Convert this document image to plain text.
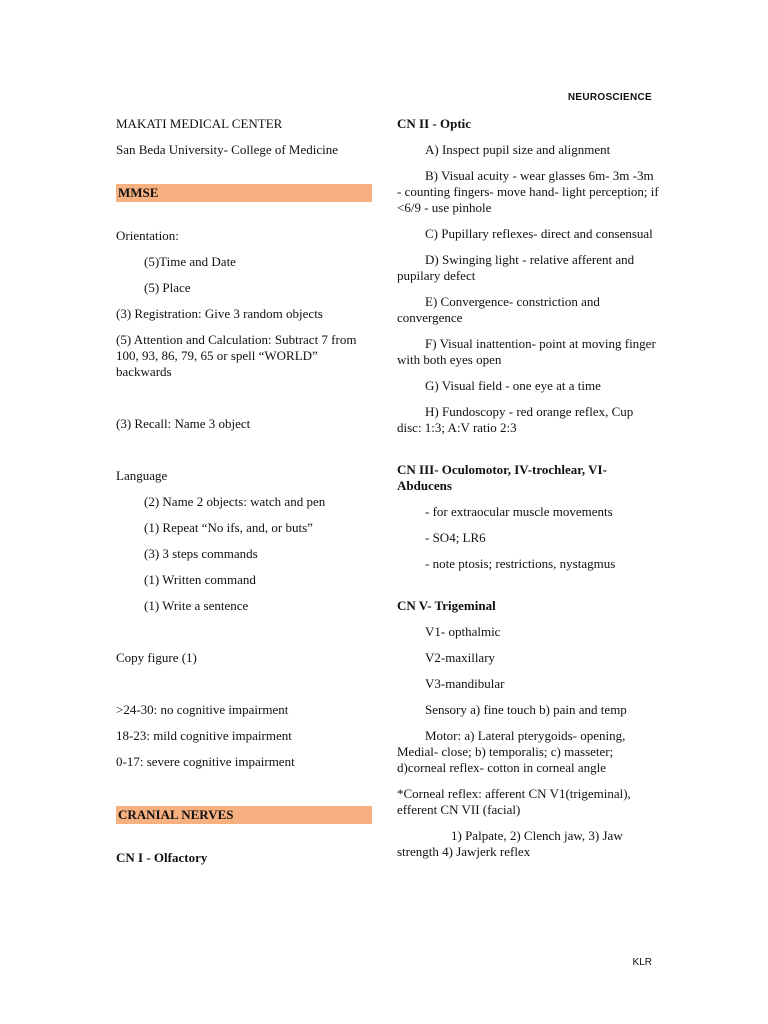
NEUROSCIENCE

MAKATI MEDICAL CENTER

San Beda University- College of Medicine

MMSE

Orientation:

(5)Time and Date

(5) Place

(3) Registration: Give 3 random objects

(5) Attention and Calculation: Subtract 7 from 100, 93, 86, 79, 65 or spell “WORLD” backwards

(3) Recall: Name 3 object

Language

(2) Name 2 objects: watch and pen

(1) Repeat “No ifs, and, or buts”

(3) 3 steps commands

(1) Written command

(1) Write a sentence

Copy figure (1)

>24-30: no cognitive impairment

18-23: mild cognitive impairment

0-17: severe cognitive impairment

CRANIAL NERVES

CN I - Olfactory

CN II - Optic

A) Inspect pupil size and alignment

B) Visual acuity - wear glasses 6m- 3m -3m - counting fingers- move hand- light perception; if <6/9 - use pinhole

C) Pupillary reflexes- direct and consensual

D) Swinging light - relative afferent and pupilary defect

E) Convergence- constriction and convergence

F) Visual inattention- point at moving finger with both eyes open

G) Visual field - one eye at a time

H) Fundoscopy - red orange reflex, Cup disc: 1:3; A:V ratio 2:3

CN III- Oculomotor, IV-trochlear, VI-Abducens

- for extraocular muscle movements

- SO4; LR6

- note ptosis; restrictions, nystagmus

CN V- Trigeminal

V1- opthalmic

V2-maxillary

V3-mandibular

Sensory a) fine touch b) pain and temp

Motor: a) Lateral pterygoids- opening, Medial- close; b) temporalis; c) masseter; d)corneal reflex- cotton in corneal angle

*Corneal reflex: afferent CN V1(trigeminal), efferent CN VII (facial)

1) Palpate, 2) Clench jaw, 3) Jaw strength 4) Jawjerk reflex

KLR
